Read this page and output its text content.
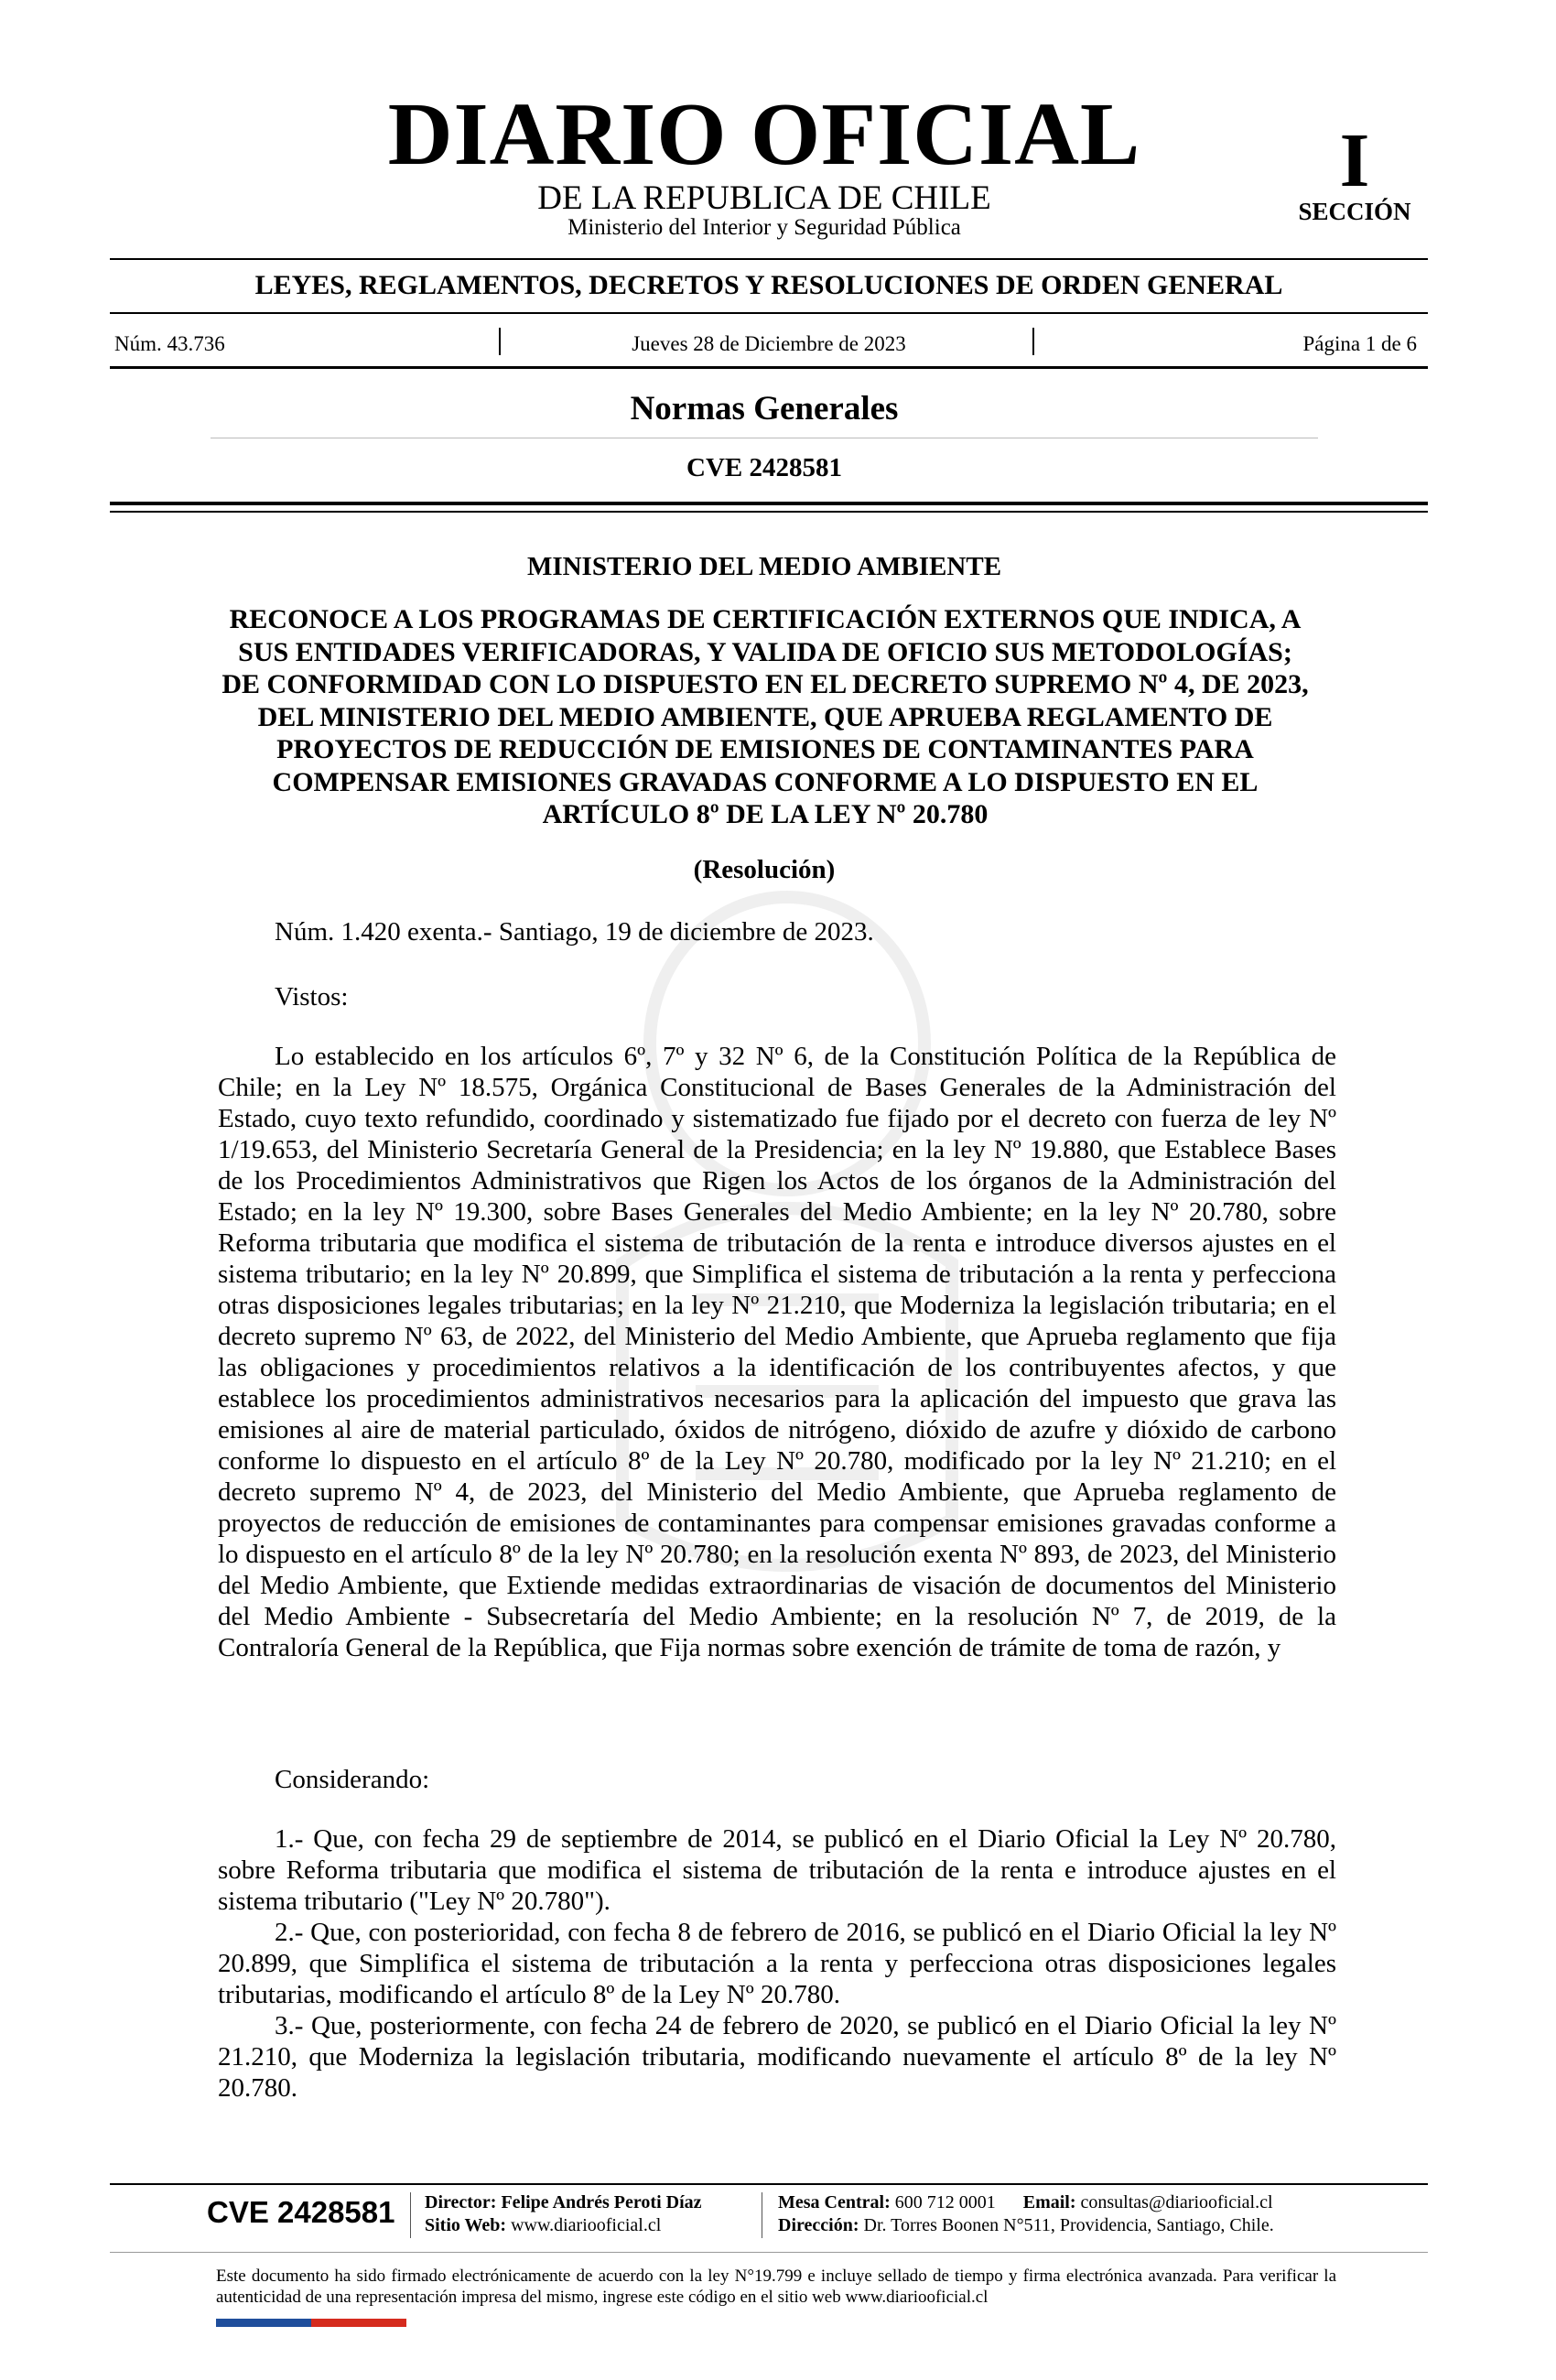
DIARIO OFICIAL
DE LA REPUBLICA DE CHILE
Ministerio del Interior y Seguridad Pública
I
SECCIÓN
LEYES, REGLAMENTOS, DECRETOS Y RESOLUCIONES DE ORDEN GENERAL
Núm. 43.736	Jueves 28 de Diciembre de 2023	Página 1 de 6
Normas Generales
CVE 2428581
MINISTERIO DEL MEDIO AMBIENTE
RECONOCE A LOS PROGRAMAS DE CERTIFICACIÓN EXTERNOS QUE INDICA, A SUS ENTIDADES VERIFICADORAS, Y VALIDA DE OFICIO SUS METODOLOGÍAS; DE CONFORMIDAD CON LO DISPUESTO EN EL DECRETO SUPREMO Nº 4, DE 2023, DEL MINISTERIO DEL MEDIO AMBIENTE, QUE APRUEBA REGLAMENTO DE PROYECTOS DE REDUCCIÓN DE EMISIONES DE CONTAMINANTES PARA COMPENSAR EMISIONES GRAVADAS CONFORME A LO DISPUESTO EN EL ARTÍCULO 8º DE LA LEY Nº 20.780
(Resolución)
Núm. 1.420 exenta.- Santiago, 19 de diciembre de 2023.
Vistos:

Lo establecido en los artículos 6º, 7º y 32 Nº 6, de la Constitución Política de la República de Chile; en la Ley Nº 18.575, Orgánica Constitucional de Bases Generales de la Administración del Estado, cuyo texto refundido, coordinado y sistematizado fue fijado por el decreto con fuerza de ley Nº 1/19.653, del Ministerio Secretaría General de la Presidencia; en la ley Nº 19.880, que Establece Bases de los Procedimientos Administrativos que Rigen los Actos de los órganos de la Administración del Estado; en la ley Nº 19.300, sobre Bases Generales del Medio Ambiente; en la ley Nº 20.780, sobre Reforma tributaria que modifica el sistema de tributación de la renta e introduce diversos ajustes en el sistema tributario; en la ley Nº 20.899, que Simplifica el sistema de tributación a la renta y perfecciona otras disposiciones legales tributarias; en la ley Nº 21.210, que Moderniza la legislación tributaria; en el decreto supremo Nº 63, de 2022, del Ministerio del Medio Ambiente, que Aprueba reglamento que fija las obligaciones y procedimientos relativos a la identificación de los contribuyentes afectos, y que establece los procedimientos administrativos necesarios para la aplicación del impuesto que grava las emisiones al aire de material particulado, óxidos de nitrógeno, dióxido de azufre y dióxido de carbono conforme lo dispuesto en el artículo 8º de la Ley Nº 20.780, modificado por la ley Nº 21.210; en el decreto supremo Nº 4, de 2023, del Ministerio del Medio Ambiente, que Aprueba reglamento de proyectos de reducción de emisiones de contaminantes para compensar emisiones gravadas conforme a lo dispuesto en el artículo 8º de la ley Nº 20.780; en la resolución exenta Nº 893, de 2023, del Ministerio del Medio Ambiente, que Extiende medidas extraordinarias de visación de documentos del Ministerio del Medio Ambiente - Subsecretaría del Medio Ambiente; en la resolución Nº 7, de 2019, de la Contraloría General de la República, que Fija normas sobre exención de trámite de toma de razón, y

Considerando:

1.- Que, con fecha 29 de septiembre de 2014, se publicó en el Diario Oficial la Ley Nº 20.780, sobre Reforma tributaria que modifica el sistema de tributación de la renta e introduce ajustes en el sistema tributario ("Ley Nº 20.780").

2.- Que, con posterioridad, con fecha 8 de febrero de 2016, se publicó en el Diario Oficial la ley Nº 20.899, que Simplifica el sistema de tributación a la renta y perfecciona otras disposiciones legales tributarias, modificando el artículo 8º de la Ley Nº 20.780.

3.- Que, posteriormente, con fecha 24 de febrero de 2020, se publicó en el Diario Oficial la ley Nº 21.210, que Moderniza la legislación tributaria, modificando nuevamente el artículo 8º de la ley Nº 20.780.

CVE 2428581 Director: Felipe Andrés Peroti Díaz
Sitio Web: www.diariooficial.cl
Mesa Central: 600 712 0001 Email: consultas@diariooficial.cl
Dirección: Dr. Torres Boonen N°511, Providencia, Santiago, Chile.
Este documento ha sido firmado electrónicamente de acuerdo con la ley N°19.799 e incluye sellado de tiempo y firma electrónica avanzada. Para verificar la autenticidad de una representación impresa del mismo, ingrese este código en el sitio web www.diariooficial.cl
